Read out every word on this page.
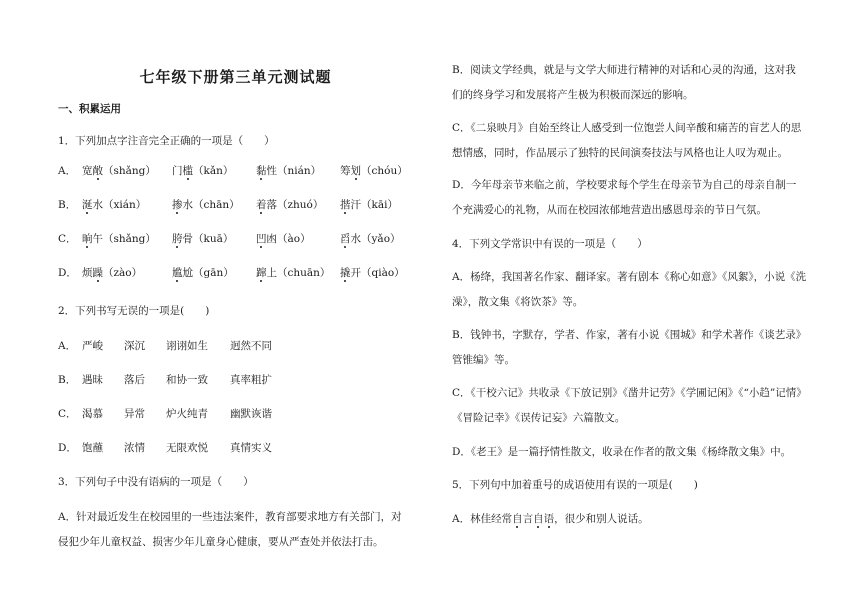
七年级下册第三单元测试题
一、积累运用
1．下列加点字注音完全正确的一项是（　　）
A． 宽敞（shǎng） 门槛（kǎn） 黏性（nián） 筹划（chóu）
B． 涎水（xián） 掺水（chān） 着落（zhuó） 揩汗（kāi）
C． 晌午（shǎng） 胯骨（kuā） 凹凼（ào）	舀水（yǎo）
D． 烦躁（zào）	尴尬（gān） 蹿上（chuān） 撬开（qiào）
2．下列书写无误的一项是(　　)
A． 严峻 深沉 诩诩如生 迥然不同
B． 遇昧 落后 和协一致 真率粗扩
C． 渴慕 异常 炉火纯青 幽默诙谐
D． 饱蘸 浓情 无限欢悦 真情实义
3．下列句子中没有语病的一项是（　　）
A．针对最近发生在校园里的一些违法案件，教育部要求地方有关部门，对
侵犯少年儿童权益、损害少年儿童身心健康，要从严查处并依法打击。
B．阅读文学经典，就是与文学大师进行精神的对话和心灵的沟通，这对我
们的终身学习和发展将产生极为积极而深远的影响。
C．《二泉映月》自始至终让人感受到一位饱尝人间辛酸和痛苦的盲艺人的思
想情感，同时，作品展示了独特的民间演奏技法与风格也让人叹为观止。
D．今年母亲节来临之前，学校要求每个学生在母亲节为自己的母亲自制一
个充满爱心的礼物，从而在校园浓郁地营造出感恩母亲的节日气氛。
4．下列文学常识中有误的一项是（　　）
A．杨绛，我国著名作家、翻译家。著有剧本《称心如意》《风絮》，小说《洗
澡》，散文集《将饮茶》等。
B．钱钟书，字默存，学者、作家，著有小说《围城》和学术著作《谈艺录》
管锥编》等。
C．《干校六记》共收录《下放记别》《凿井记劳》《学圃记闲》《“小趋”记情》
《冒险记幸》《误传记妄》六篇散文。
D．《老王》是一篇抒情性散文，收录在作者的散文集《杨绛散文集》中。
5．下列句中加着重号的成语使用有误的一项是(　　)
A．林佳经常自言自语，很少和别人说话。
